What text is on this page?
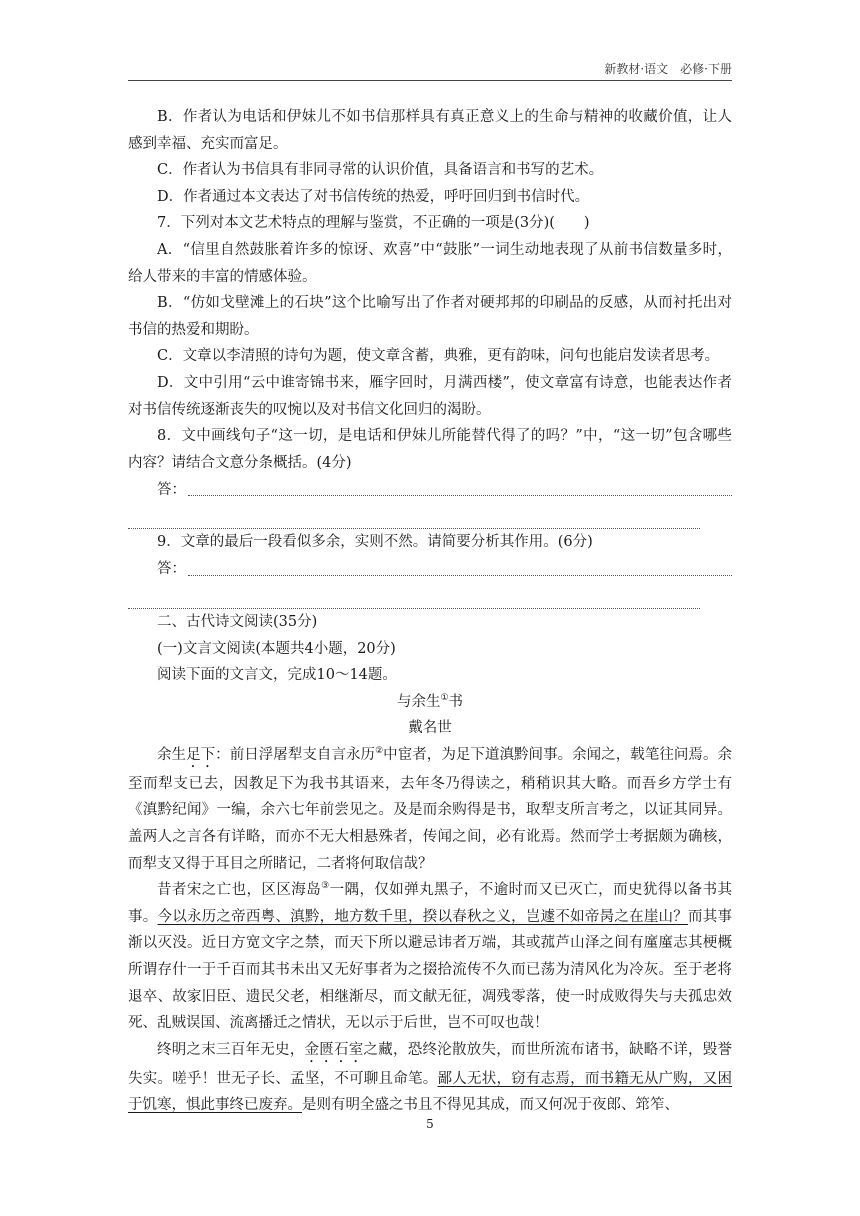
新教材·语文　必修·下册

B．作者认为电话和伊妹儿不如书信那样具有真正意义上的生命与精神的收藏价值，让人感到幸福、充实而富足。

C．作者认为书信具有非同寻常的认识价值，具备语言和书写的艺术。

D．作者通过本文表达了对书信传统的热爱，呼吁回归到书信时代。

7．下列对本文艺术特点的理解与鉴赏，不正确的一项是(3分)(　　)

A．“信里自然鼓胀着许多的惊讶、欢喜”中“鼓胀”一词生动地表现了从前书信数量多时，给人带来的丰富的情感体验。

B．“仿如戈壁滩上的石块”这个比喻写出了作者对硬邦邦的印刷品的反感，从而衬托出对书信的热爱和期盼。

C．文章以李清照的诗句为题，使文章含蓄，典雅，更有韵味，问句也能启发读者思考。

D．文中引用“云中谁寄锦书来，雁字回时，月满西楼”，使文章富有诗意，也能表达作者对书信传统逐渐丧失的叹惋以及对书信文化回归的渴盼。

8．文中画线句子“这一切，是电话和伊妹儿所能替代得了的吗？”中，“这一切”包含哪些内容？请结合文意分条概括。(4分)

答：

9．文章的最后一段看似多余，实则不然。请简要分析其作用。(6分)

答：

二、古代诗文阅读(35分)

(一)文言文阅读(本题共4小题，20分)

阅读下面的文言文，完成10～14题。

与余生①书

戴名世

余生足下：前日浮屠犁支自言永历②中宦者，为足下道滇黔间事。余闻之，载笔往问焉。余至而犁支已去，因教足下为我书其语来，去年冬乃得读之，稍稍识其大略。而吾乡方学士有《滇黔纪闻》一编，余六七年前尝见之。及是而余购得是书，取犁支所言考之，以证其同异。盖两人之言各有详略，而亦不无大相悬殊者，传闻之间，必有讹焉。然而学士考据颇为确核，而犁支又得于耳目之所睹记，二者将何取信哉？

昔者宋之亡也，区区海岛③一隅，仅如弹丸黑子，不逾时而又已灭亡，而史犹得以备书其事。今以永历之帝西粤、滇黔，地方数千里，揆以春秋之义，岂遽不如帝昺之在崖山？而其事渐以灭没。近日方宽文字之禁，而天下所以避忌讳者万端，其或菰芦山泽之间有廑廑志其梗概所谓存什一于千百而其书未出又无好事者为之掇拾流传不久而已荡为清风化为冷灰。至于老将退卒、故家旧臣、遗民父老，相继渐尽，而文献无征，凋残零落，使一时成败得失与夫孤忠效死、乱贼误国、流离播迁之情状，无以示于后世，岂不可叹也哉！

终明之末三百年无史，金匮石室之藏，恐终沦散放失，而世所流布诸书，缺略不详，毁誉失实。嗟乎！世无子长、孟坚，不可聊且命笔。鄙人无状，窃有志焉，而书籍无从广购，又困于饥寒，惧此事终已废弃。是则有明全盛之书且不得见其成，而又何况于夜郎、筇笮、

5
